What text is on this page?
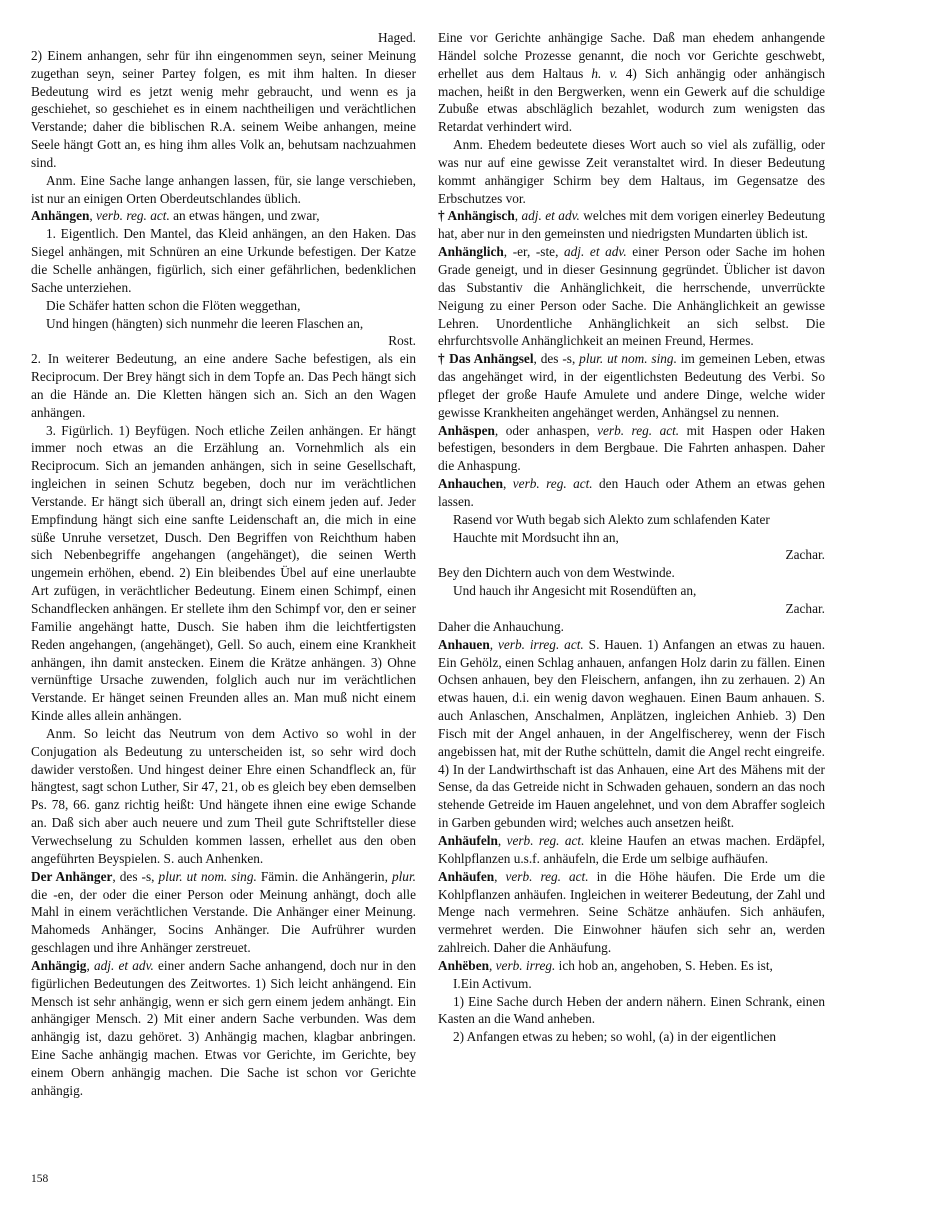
Haged.

2) Einem anhangen, sehr für ihn eingenommen seyn, seiner Meinung zugethan seyn, seiner Partey folgen, es mit ihm halten. In dieser Bedeutung wird es jetzt wenig mehr gebraucht, und wenn es ja geschiehet, so geschiehet es in einem nachtheiligen und verächtlichen Verstande; daher die biblischen R.A. seinem Weibe anhangen, meine Seele hängt Gott an, es hing ihm alles Volk an, behutsam nachzuahmen sind.

Anm. Eine Sache lange anhangen lassen, für, sie lange verschieben, ist nur an einigen Orten Oberdeutschlandes üblich.

Anhängen, verb. reg. act. an etwas hängen, und zwar,

1. Eigentlich. Den Mantel, das Kleid anhängen, an den Haken. Das Siegel anhängen, mit Schnüren an eine Urkunde befestigen. Der Katze die Schelle anhängen, figürlich, sich einer gefährlichen, bedenklichen Sache unterziehen.

Die Schäfer hatten schon die Flöten weggethan,

Und hingen (hängten) sich nunmehr die leeren Flaschen an,

Rost.

2. In weiterer Bedeutung, an eine andere Sache befestigen, als ein Reciprocum. Der Brey hängt sich in dem Topfe an. Das Pech hängt sich an die Hände an. Die Kletten hängen sich an. Sich an den Wagen anhängen.

3. Figürlich. 1) Beyfügen. Noch etliche Zeilen anhängen. Er hängt immer noch etwas an die Erzählung an. Vornehmlich als ein Reciprocum. Sich an jemanden anhängen, sich in seine Gesellschaft, ingleichen in seinen Schutz begeben, doch nur im verächtlichen Verstande. Er hängt sich überall an, dringt sich einem jeden auf. Jeder Empfindung hängt sich eine sanfte Leidenschaft an, die mich in eine süße Unruhe versetzet, Dusch. Den Begriffen von Reichthum haben sich Nebenbegriffe angehangen (angehänget), die seinen Werth ungemein erhöhen, ebend. 2) Ein bleibendes Übel auf eine unerlaubte Art zufügen, in verächtlicher Bedeutung. Einem einen Schimpf, einen Schandflecken anhängen. Er stellete ihm den Schimpf vor, den er seiner Familie angehängt hatte, Dusch. Sie haben ihm die leichtfertigsten Reden angehangen, (angehänget), Gell. So auch, einem eine Krankheit anhängen, ihn damit anstecken. Einem die Krätze anhängen. 3) Ohne vernünftige Ursache zuwenden, folglich auch nur im verächtlichen Verstande. Er hänget seinen Freunden alles an. Man muß nicht einem Kinde alles allein anhängen.

Anm. So leicht das Neutrum von dem Activo so wohl in der Conjugation als Bedeutung zu unterscheiden ist, so sehr wird doch dawider verstoßen. Und hingest deiner Ehre einen Schandfleck an, für hängtest, sagt schon Luther, Sir 47, 21, ob es gleich bey eben demselben Ps. 78, 66. ganz richtig heißt: Und hängete ihnen eine ewige Schande an. Daß sich aber auch neuere und zum Theil gute Schriftsteller diese Verwechselung zu Schulden kommen lassen, erhellet aus den oben angeführten Beyspielen. S. auch Anhenken.

Der Anhänger, des -s, plur. ut nom. sing. Fämin. die Anhängerin, plur. die -en, der oder die einer Person oder Meinung anhängt, doch alle Mahl in einem verächtlichen Verstande. Die Anhänger einer Meinung. Mahomeds Anhänger, Socins Anhänger. Die Aufrührer wurden geschlagen und ihre Anhänger zerstreuet.

Anhängig, adj. et adv. einer andern Sache anhangend, doch nur in den figürlichen Bedeutungen des Zeitwortes. 1) Sich leicht anhängend. Ein Mensch ist sehr anhängig, wenn er sich gern einem jedem anhängt. Ein anhängiger Mensch. 2) Mit einer andern Sache verbunden. Was dem anhängig ist, dazu gehöret. 3) Anhängig machen, klagbar anbringen. Eine Sache anhängig machen. Etwas vor Gerichte, im Gerichte, bey einem Obern anhängig machen. Die Sache ist schon vor Gerichte anhängig.

Eine vor Gerichte anhängige Sache. Daß man ehedem anhangende Händel solche Prozesse genannt, die noch vor Gerichte geschwebt, erhellet aus dem Haltaus h. v. 4) Sich anhängig oder anhängisch machen, heißt in den Bergwerken, wenn ein Gewerk auf die schuldige Zubuße etwas abschläglich bezahlet, wodurch zum wenigsten das Retardat verhindert wird.

Anm. Ehedem bedeutete dieses Wort auch so viel als zufällig, oder was nur auf eine gewisse Zeit veranstaltet wird. In dieser Bedeutung kommt anhängiger Schirm bey dem Haltaus, im Gegensatze des Erbschutzes vor.

† Anhängisch, adj. et adv. welches mit dem vorigen einerley Bedeutung hat, aber nur in den gemeinsten und niedrigsten Mundarten üblich ist.

Anhänglich, -er, -ste, adj. et adv. einer Person oder Sache im hohen Grade geneigt, und in dieser Gesinnung gegründet. Üblicher ist davon das Substantiv die Anhänglichkeit, die herrschende, unverrückte Neigung zu einer Person oder Sache. Die Anhänglichkeit an gewisse Lehren. Unordentliche Anhänglichkeit an sich selbst. Die ehrfurchtsvolle Anhänglichkeit an meinen Freund, Hermes.

† Das Anhängsel, des -s, plur. ut nom. sing. im gemeinen Leben, etwas das angehänget wird, in der eigentlichsten Bedeutung des Verbi. So pfleget der große Haufe Amulete und andere Dinge, welche wider gewisse Krankheiten angehänget werden, Anhängsel zu nennen.

Anhäspen, oder anhaspen, verb. reg. act. mit Haspen oder Haken befestigen, besonders in dem Bergbaue. Die Fahrten anhaspen. Daher die Anhaspung.

Anhauchen, verb. reg. act. den Hauch oder Athem an etwas gehen lassen.

Rasend vor Wuth begab sich Alekto zum schlafenden Kater

Hauchte mit Mordsucht ihn an,

Zachar.

Bey den Dichtern auch von dem Westwinde.

Und hauch ihr Angesicht mit Rosendüften an,

Zachar.

Daher die Anhauchung.

Anhauen, verb. irreg. act. S. Hauen. 1) Anfangen an etwas zu hauen. Ein Gehölz, einen Schlag anhauen, anfangen Holz darin zu fällen. Einen Ochsen anhauen, bey den Fleischern, anfangen, ihn zu zerhauen. 2) An etwas hauen, d.i. ein wenig davon weghauen. Einen Baum anhauen. S. auch Anlaschen, Anschalmen, Anplätzen, ingleichen Anhieb. 3) Den Fisch mit der Angel anhauen, in der Angelfischerey, wenn der Fisch angebissen hat, mit der Ruthe schütteln, damit die Angel recht eingreife. 4) In der Landwirthschaft ist das Anhauen, eine Art des Mähens mit der Sense, da das Getreide nicht in Schwaden gehauen, sondern an das noch stehende Getreide im Hauen angelehnet, und von dem Abraffer sogleich in Garben gebunden wird; welches auch ansetzen heißt.

Anhäufeln, verb. reg. act. kleine Haufen an etwas machen. Erdäpfel, Kohlpflanzen u.s.f. anhäufeln, die Erde um selbige aufhäufen.

Anhäufen, verb. reg. act. in die Höhe häufen. Die Erde um die Kohlpflanzen anhäufen. Ingleichen in weiterer Bedeutung, der Zahl und Menge nach vermehren. Seine Schätze anhäufen. Sich anhäufen, vermehret werden. Die Einwohner häufen sich sehr an, werden zahlreich. Daher die Anhäufung.

Anhёben, verb. irreg. ich hob an, angehoben, S. Heben. Es ist,

I.Ein Activum.

1) Eine Sache durch Heben der andern nähern. Einen Schrank, einen Kasten an die Wand anheben.

2) Anfangen etwas zu heben; so wohl, (a) in der eigentlichen

158
